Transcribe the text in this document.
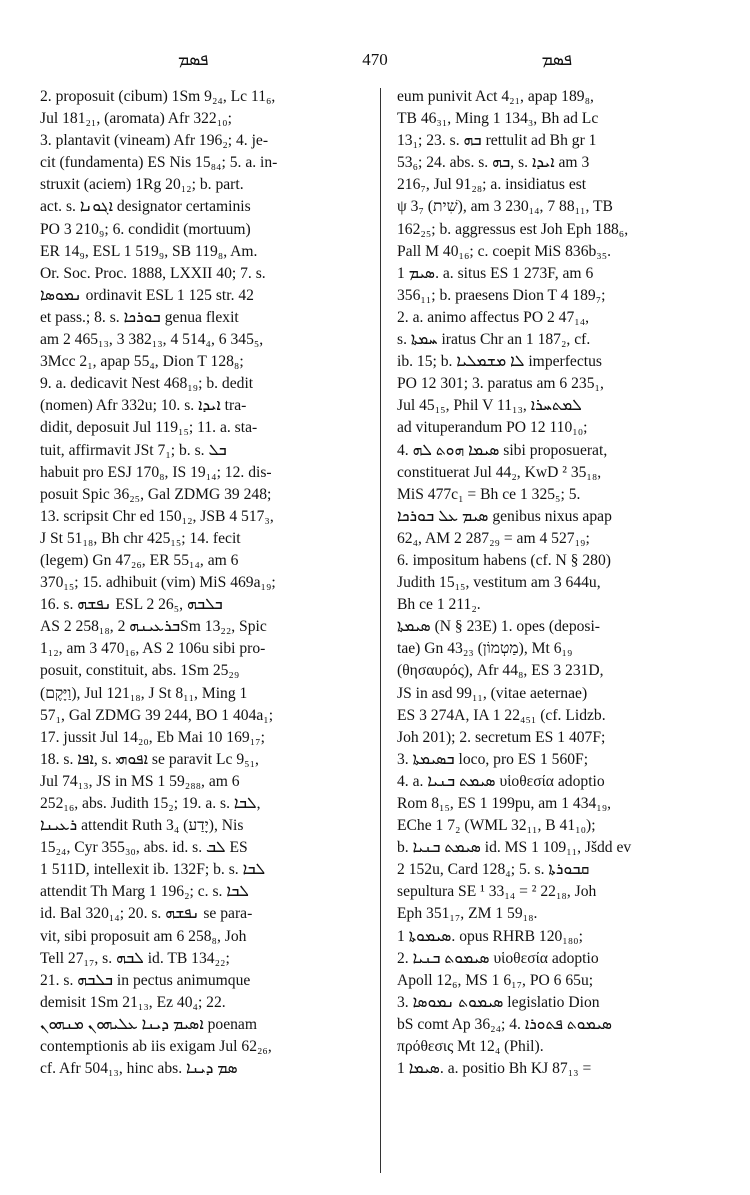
ܦܣܡ	470	ܦܣܡ
2. proposuit (cibum) 1Sm 9₂₄, Lc 11₆,
Jul 181₂₁, (aromata) Afr 322₁₀;
3. plantavit (vineam) Afr 196₂; 4. je-
cit (fundamenta) ES Nis 15₈₄; 5. a. in-
struxit (aciem) 1Rg 20₁₂; b. part.
act. s. ܐܓܘܢܐ designator certaminis
PO 3 210₉; 6. condidit (mortuum)
ER 14₉, ESL 1 519₉, SB 119₈, Am.
Or. Soc. Proc. 1888, LXXII 40; 7. s.
ܢܡܘܣܐ ordinavit ESL 1 125 str. 42
et pass.; 8. s. ܒܘܪܟܐ genua flexit
am 2 465₁₃, 3 382₁₃, 4 514₄, 6 345₅,
3Mcc 2₁, apap 55₄, Dion T 128₈;
9. a. dedicavit Nest 468₁₉; b. dedit
(nomen) Afr 332u; 10. s. ܐܝܕܐ tra-
didit, deposuit Jul 119₁₅; 11. a. sta-
tuit, affirmavit JSt 7₁; b. s. ܒܠ
habuit pro ESJ 170₈, IS 19₁₄; 12. dis-
posuit Spic 36₂₅, Gal ZDMG 39 248;
13. scripsit Chr ed 150₁₂, JSB 4 517₃,
J St 51₁₈, Bh chr 425₁₅; 14. fecit
(legem) Gn 47₂₆, ER 55₁₄, am 6
370₁₅; 15. adhibuit (vim) MiS 469a₁₉;
16. s. ܢܦܫܗ ESL 2 26₅, ܒܠܒܗ
AS 2 258₁₈, ܒܪܥܝܢܗ 2Sm 13₂₂, Spic
1₁₂, am 3 470₁₆, AS 2 106u sibi pro-
posuit, constituit, abs. 1Sm 25₂₉
(וַיָּקֶם), Jul 121₁₈, J St 8₁₁, Ming 1
57₁, Gal ZDMG 39 244, BO 1 404a₁;
17. jussit Jul 14₂₀, Eb Mai 10 169₁₇;
18. s. ܐܦܐ, s. ܐܦܘܗܝ se paravit Lc 9₅₁,
Jul 74₁₃, JS in MS 1 59₂₈₈, am 6
252₁₆, abs. Judith 15₂; 19. a. s. ܠܒܐ,
ܪܥܝܢܐ attendit Ruth 3₄ (יָדַע), Nis
15₂₄, Cyr 355₃₀, abs. id. s. ܠܒ ES
1 511D, intellexit ib. 132F; b. s. ܠܒܐ
attendit Th Marg 1 196₂; c. s. ܠܒܐ
id. Bal 320₁₄; 20. s. ܢܦܫܗ se para-
vit, sibi proposuit am 6 258₈, Joh
Tell 27₁₇, s. ܠܒܗ id. TB 134₂₂;
21. s. ܒܠܒܗ in pectus animumque
demisit 1Sm 21₁₃, Ez 40₄; 22.
ܐܣܝܡ ܕܝܢܐ ܥܠܝܗܘܢ ܡܢܗܘܢ poenam
contemptionis ab iis exigam Jul 62₂₆,
cf. Afr 504₁₃, hinc abs. ܣܡ ܕܝܢܐ
eum punivit Act 4₂₁, apap 189₈,
TB 46₃₁, Ming 1 134₃, Bh ad Lc
13₁; 23. s. ܒܗ rettulit ad Bh gr 1
53₆; 24. abs. s. ܒܗ, s. ܐܝܕܐ am 3
216₇, Jul 91₂₈; a. insidiatus est
ψ 3₇ (שִׁית), am 3 230₁₄, 7 88₁₁, TB
162₂₅; b. aggressus est Joh Eph 188₆,
Pall M 40₁₆; c. coepit MiS 836b₃₅.
ܣܝܡ 1. a. situs ES 1 273F, am 6
356₁₁; b. praesens Dion T 4 189₇;
2. a. animo affectus PO 2 47₁₄,
s. ܚܡܬܐ iratus Chr an 1 187₂, cf.
ib. 15; b. ܠܐ ܡܫܡܠܝܐ imperfectus
PO 12 301; 3. paratus am 6 235₁,
Jul 45₁₅, Phil V 11₁₃, ܠܡܬܚܪܐ
ad vituperandum PO 12 110₁₀;
4. ܣܝܡܐ ܗܘܬ ܠܗ sibi proposuerat,
constituerat Jul 44₂, KwD ² 35₁₈,
MiS 477c₁ = Bh ce 1 325₅; 5.
ܣܝܡ ܥܠ ܒܘܪܟܐ genibus nixus apap
62₄, AM 2 287₂₉ = am 4 527₁₉;
6. impositum habens (cf. N § 280)
Judith 15₁₅, vestitum am 3 644u,
Bh ce 1 211₂.
ܣܝܡܬܐ (N § 23E) 1. opes (deposi-
tae) Gn 43₂₃ (מַטְמוֹן), Mt 6₁₉
(θησαυρός), Afr 44₈, ES 3 231D,
JS in asd 99₁₁, (vitae aeternae)
ES 3 274A, IA 1 22₄₅₁ (cf. Lidzb.
Joh 201); 2. secretum ES 1 407F;
3. ܒܣܝܡܬܐ loco, pro ES 1 560F;
4. a. ܣܝܡܬ ܒܢܝܐ υἱοθεσία adoptio
Rom 8₁₅, ES 1 199pu, am 1 434₁₉,
EChe 1 7₂ (WML 32₁₁, B 41₁₀);
b. ܣܝܡܬ ܒܢܝܐ id. MS 1 109₁₁, Jšdd ev
2 152u, Card 128₄; 5. s. ܩܒܘܪܬܐ
sepultura SE ¹ 33₁₄ = ² 22₁₈, Joh
Eph 351₁₇, ZM 1 59₁₈.
ܣܝܡܘܬܐ 1. opus RHRB 120₁₈₀;
2. ܣܝܡܘܬ ܒܢܝܐ υἱοθεσία adoptio
Apoll 12₆, MS 1 6₁₇, PO 6 65u;
3. ܣܝܡܘܬ ܢܡܘܣܐ legislatio Dion
bS comt Ap 36₂₄; 4. ܣܝܡܘܬ ܦܬܘܪܐ
πρόθεσις Mt 12₄ (Phil).
ܣܝܡܐ 1. a. positio Bh KJ 87₁₃ =
